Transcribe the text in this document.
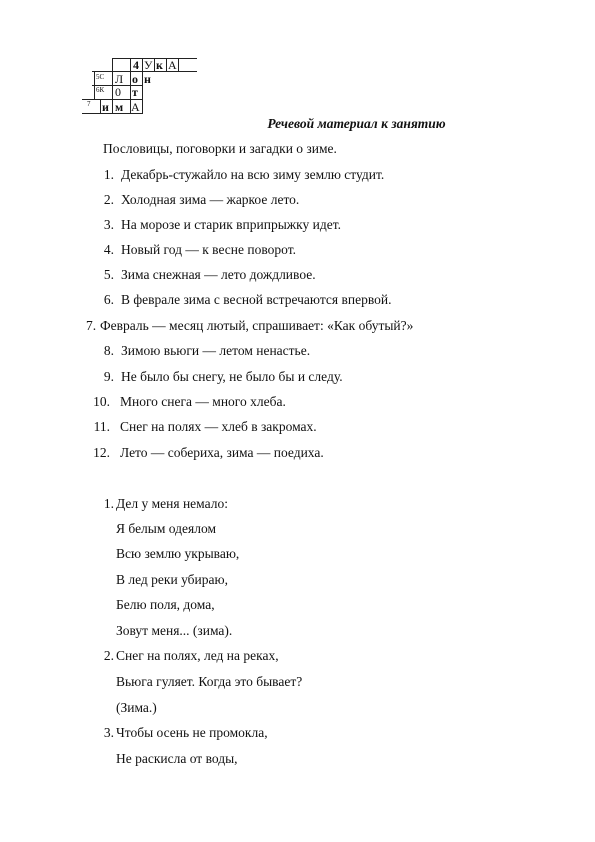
4 У к А
5С Л о н
6К 0 т
7 и м А
Речевой материал к занятию
Пословицы, поговорки и загадки о зиме.
1. Декабрь-стужайло на всю зиму землю студит.
2. Холодная зима — жаркое лето.
3. На морозе и старик вприпрыжку идет.
4. Новый год — к весне поворот.
5. Зима снежная — лето дождливое.
6. В феврале зима с весной встречаются впервой.
7. Февраль — месяц лютый, спрашивает: «Как обутый?»
8. Зимою вьюги — летом ненастье.
9. Не было бы снегу, не было бы и следу.
10. Много снега — много хлеба.
11. Снег на полях — хлеб в закромах.
12. Лето — собериха, зима — поедиха.
1. Дел у меня немало:
Я белым одеялом
Всю землю укрываю,
В лед реки убираю,
Белю поля, дома,
Зовут меня... (зима).
2. Снег на полях, лед на реках,
Вьюга гуляет. Когда это бывает?
(Зима.)
3. Чтобы осень не промокла,
Не раскисла от воды,
